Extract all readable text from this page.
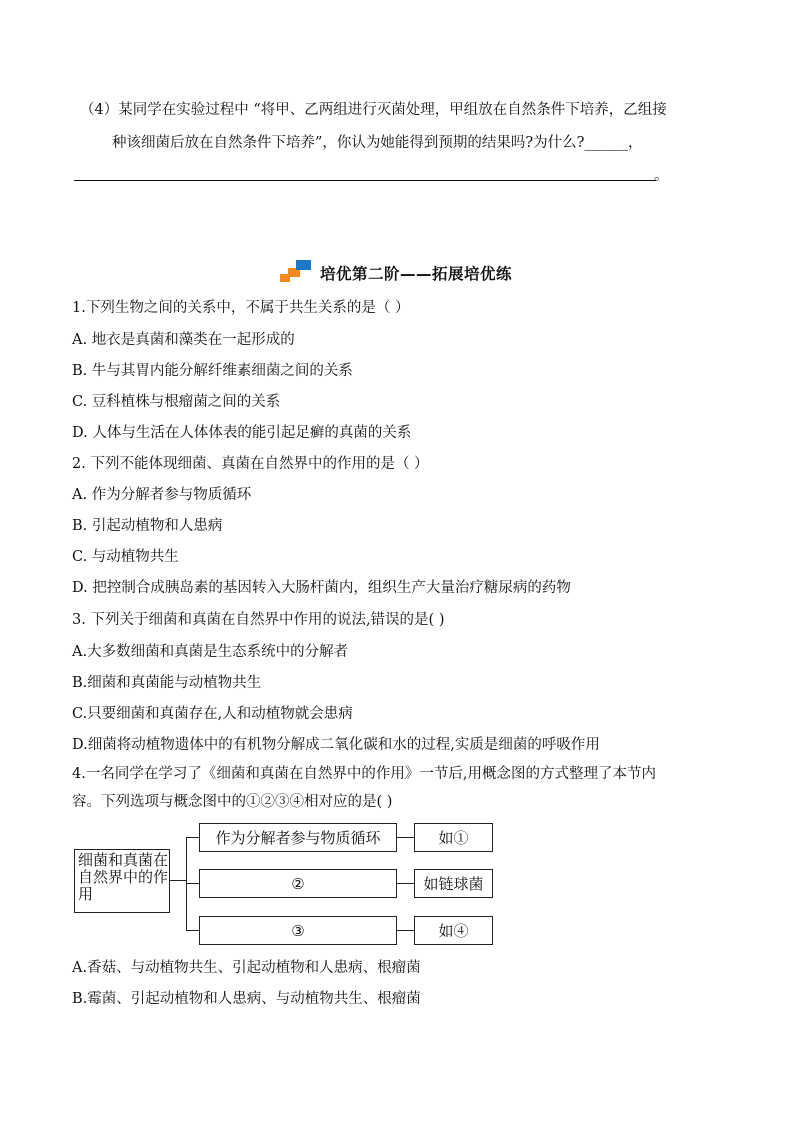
（4）某同学在实验过程中 “将甲、乙两组进行灭菌处理，甲组放在自然条件下培养，乙组接
种该细菌后放在自然条件下培养”，你认为她能得到预期的结果吗?为什么?______，
。
培优第二阶——拓展培优练
1.下列生物之间的关系中，不属于共生关系的是（ ）
A. 地衣是真菌和藻类在一起形成的
B. 牛与其胃内能分解纤维素细菌之间的关系
C. 豆科植株与根瘤菌之间的关系
D. 人体与生活在人体体表的能引起足癣的真菌的关系
2. 下列不能体现细菌、真菌在自然界中的作用的是（ ）
A. 作为分解者参与物质循环
B. 引起动植物和人患病
C. 与动植物共生
D. 把控制合成胰岛素的基因转入大肠杆菌内，组织生产大量治疗糖尿病的药物
3. 下列关于细菌和真菌在自然界中作用的说法,错误的是( )
A.大多数细菌和真菌是生态系统中的分解者
B.细菌和真菌能与动植物共生
C.只要细菌和真菌存在,人和动植物就会患病
D.细菌将动植物遗体中的有机物分解成二氧化碳和水的过程,实质是细菌的呼吸作用
4.一名同学在学习了《细菌和真菌在自然界中的作用》一节后,用概念图的方式整理了本节内
容。下列选项与概念图中的①②③④相对应的是( )
细菌和真菌在自然界中的作用
作为分解者参与物质循环
②
③
如①
如链球菌
如④
A.香菇、与动植物共生、引起动植物和人患病、根瘤菌
B.霉菌、引起动植物和人患病、与动植物共生、根瘤菌
